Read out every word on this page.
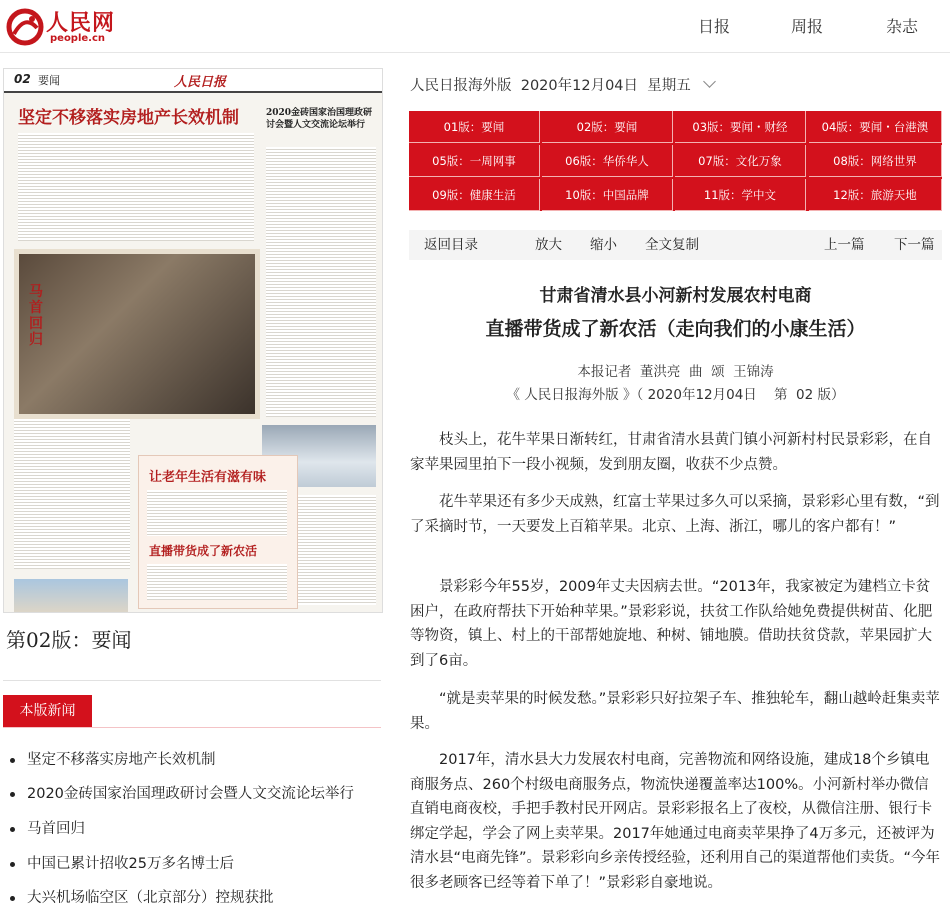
人民网
people.cn
日报	周报	杂志
02 要闻	人民日报
坚定不移落实房地产长效机制	2020金砖国家治国理政研讨会暨人文交流论坛举行
马首回归
让老年生活有滋有味
直播带货成了新农活
第02版：要闻
本版新闻
坚定不移落实房地产长效机制
2020金砖国家治国理政研讨会暨人文交流论坛举行
马首回归
中国已累计招收25万多名博士后
大兴机场临空区（北京部分）控规获批
人民日报海外版  2020年12月04日  星期五
01版：要闻	02版：要闻	03版：要闻・财经	04版：要闻・台港澳
05版：一周网事	06版：华侨华人	07版：文化万象	08版：网络世界
09版：健康生活	10版：中国品牌	11版：学中文	12版：旅游天地
返回目录	放大 缩小 全文复制	上一篇 下一篇
甘肃省清水县小河新村发展农村电商
直播带货成了新农活（走向我们的小康生活）
本报记者  董洪亮  曲  颂  王锦涛
《 人民日报海外版 》（ 2020年12月04日    第  02 版）

枝头上，花牛苹果日渐转红，甘肃省清水县黄门镇小河新村村民景彩彩，在自家苹果园里拍下一段小视频，发到朋友圈，收获不少点赞。

花牛苹果还有多少天成熟，红富士苹果过多久可以采摘，景彩彩心里有数，“到了采摘时节，一天要发上百箱苹果。北京、上海、浙江，哪儿的客户都有！”

景彩彩今年55岁，2009年丈夫因病去世。“2013年，我家被定为建档立卡贫困户，在政府帮扶下开始种苹果。”景彩彩说，扶贫工作队给她免费提供树苗、化肥等物资，镇上、村上的干部帮她旋地、种树、铺地膜。借助扶贫贷款，苹果园扩大到了6亩。

“就是卖苹果的时候发愁。”景彩彩只好拉架子车、推独轮车，翻山越岭赶集卖苹果。

2017年，清水县大力发展农村电商，完善物流和网络设施，建成18个乡镇电商服务点、260个村级电商服务点，物流快递覆盖率达100%。小河新村举办微信直销电商夜校，手把手教村民开网店。景彩彩报名上了夜校，从微信注册、银行卡绑定学起，学会了网上卖苹果。2017年她通过电商卖苹果挣了4万多元，还被评为清水县“电商先锋”。景彩彩向乡亲传授经验，还利用自己的渠道帮他们卖货。“今年很多老顾客已经等着下单了！”景彩彩自豪地说。
